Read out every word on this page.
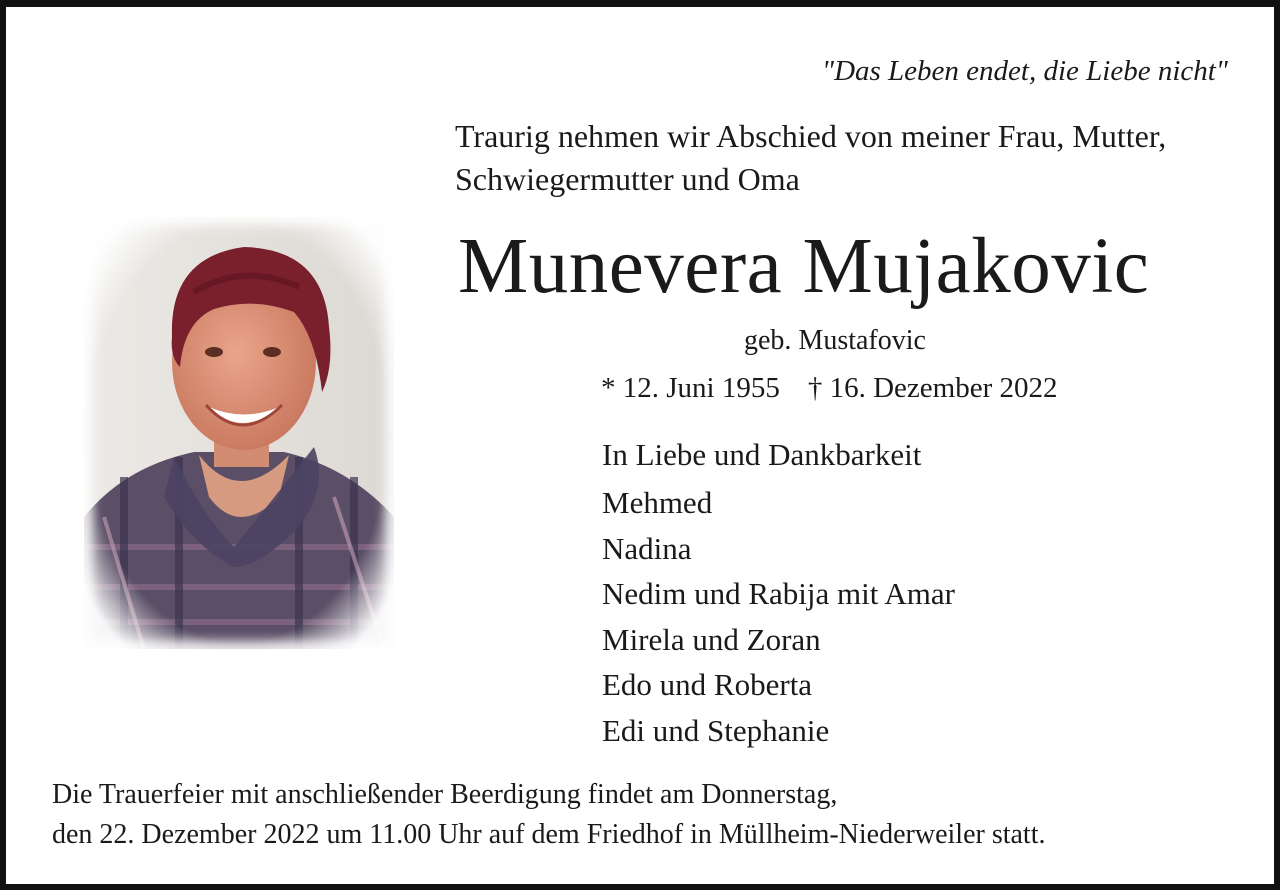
"Das Leben endet, die Liebe nicht"
Traurig nehmen wir Abschied von meiner Frau, Mutter,
Schwiegermutter und Oma
Munevera Mujakovic
geb. Mustafovic
* 12. Juni 1955 † 16. Dezember 2022
In Liebe und Dankbarkeit
Mehmed
Nadina
Nedim und Rabija mit Amar
Mirela und Zoran
Edo und Roberta
Edi und Stephanie
Die Trauerfeier mit anschließender Beerdigung findet am Donnerstag,
den 22. Dezember 2022 um 11.00 Uhr auf dem Friedhof in Müllheim-Niederweiler statt.
